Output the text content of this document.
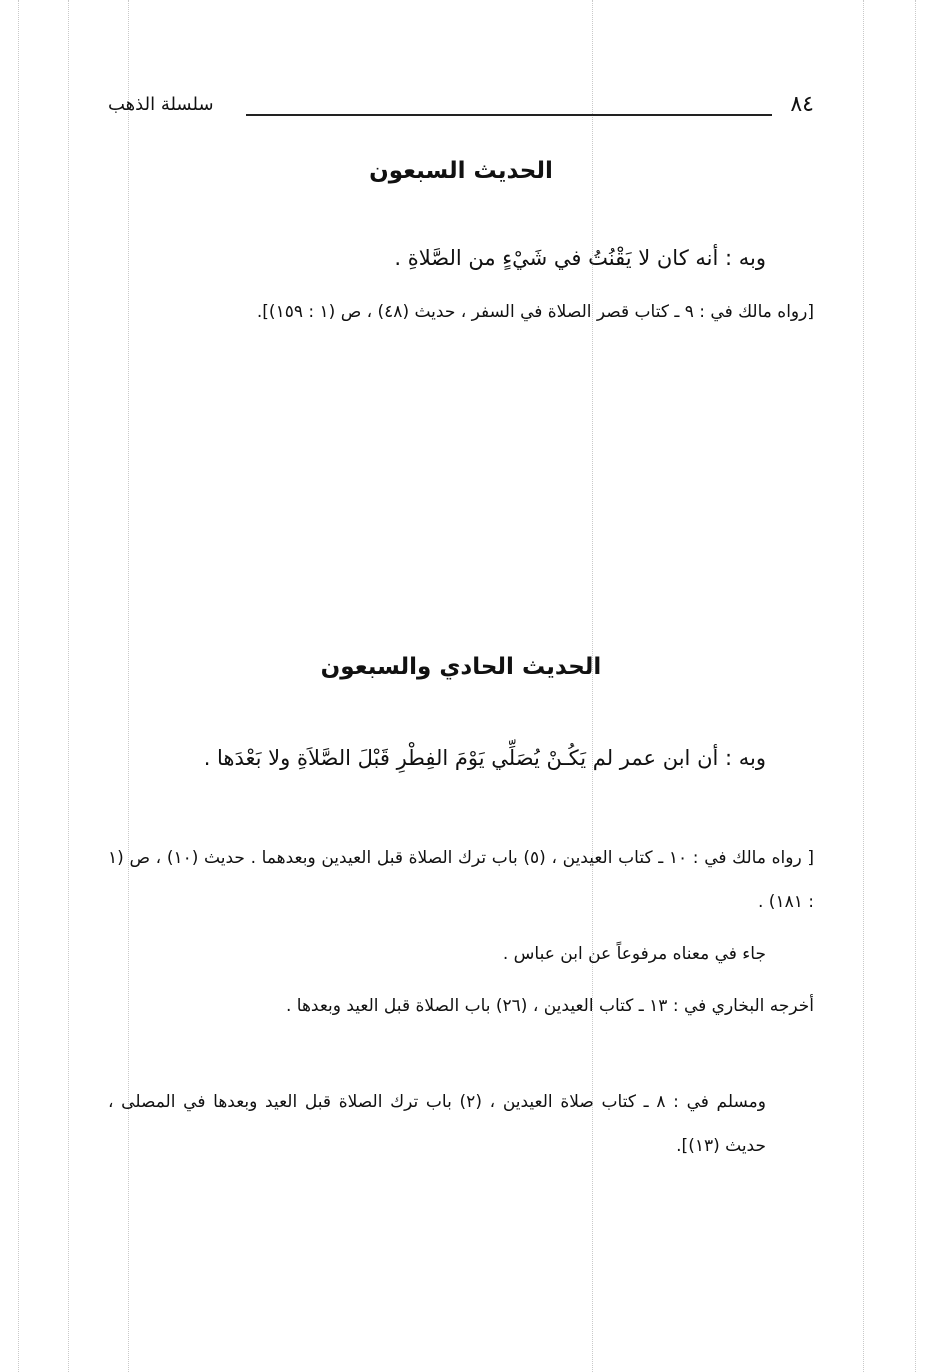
٨٤
سلسلة الذهب
الحديث السبعون
وبه : أنه كان لا يَقْنُتُ في شَيْءٍ من الصَّلاةِ .
[رواه مالك في : ٩ ـ كتاب قصر الصلاة في السفر ، حديث (٤٨) ، ص (١ : ١٥٩)].
الحديث الحادي والسبعون
وبه : أن ابن عمر لم يَكُـنْ يُصَلِّي يَوْمَ الفِطْرِ قَبْلَ الصَّلاَةِ ولا بَعْدَها .
[ رواه مالك في : ١٠ ـ كتاب العيدين ، (٥) باب ترك الصلاة قبل العيدين وبعدهما . حديث (١٠) ، ص (١ : ١٨١) .
جاء في معناه مرفوعاً عن ابن عباس .
أخرجه البخاري في : ١٣ ـ كتاب العيدين ، (٢٦) باب الصلاة قبل العيد وبعدها .
ومسلم في : ٨ ـ كتاب صلاة العيدين ، (٢) باب ترك الصلاة قبل العيد وبعدها في المصلى ، حديث (١٣)].
